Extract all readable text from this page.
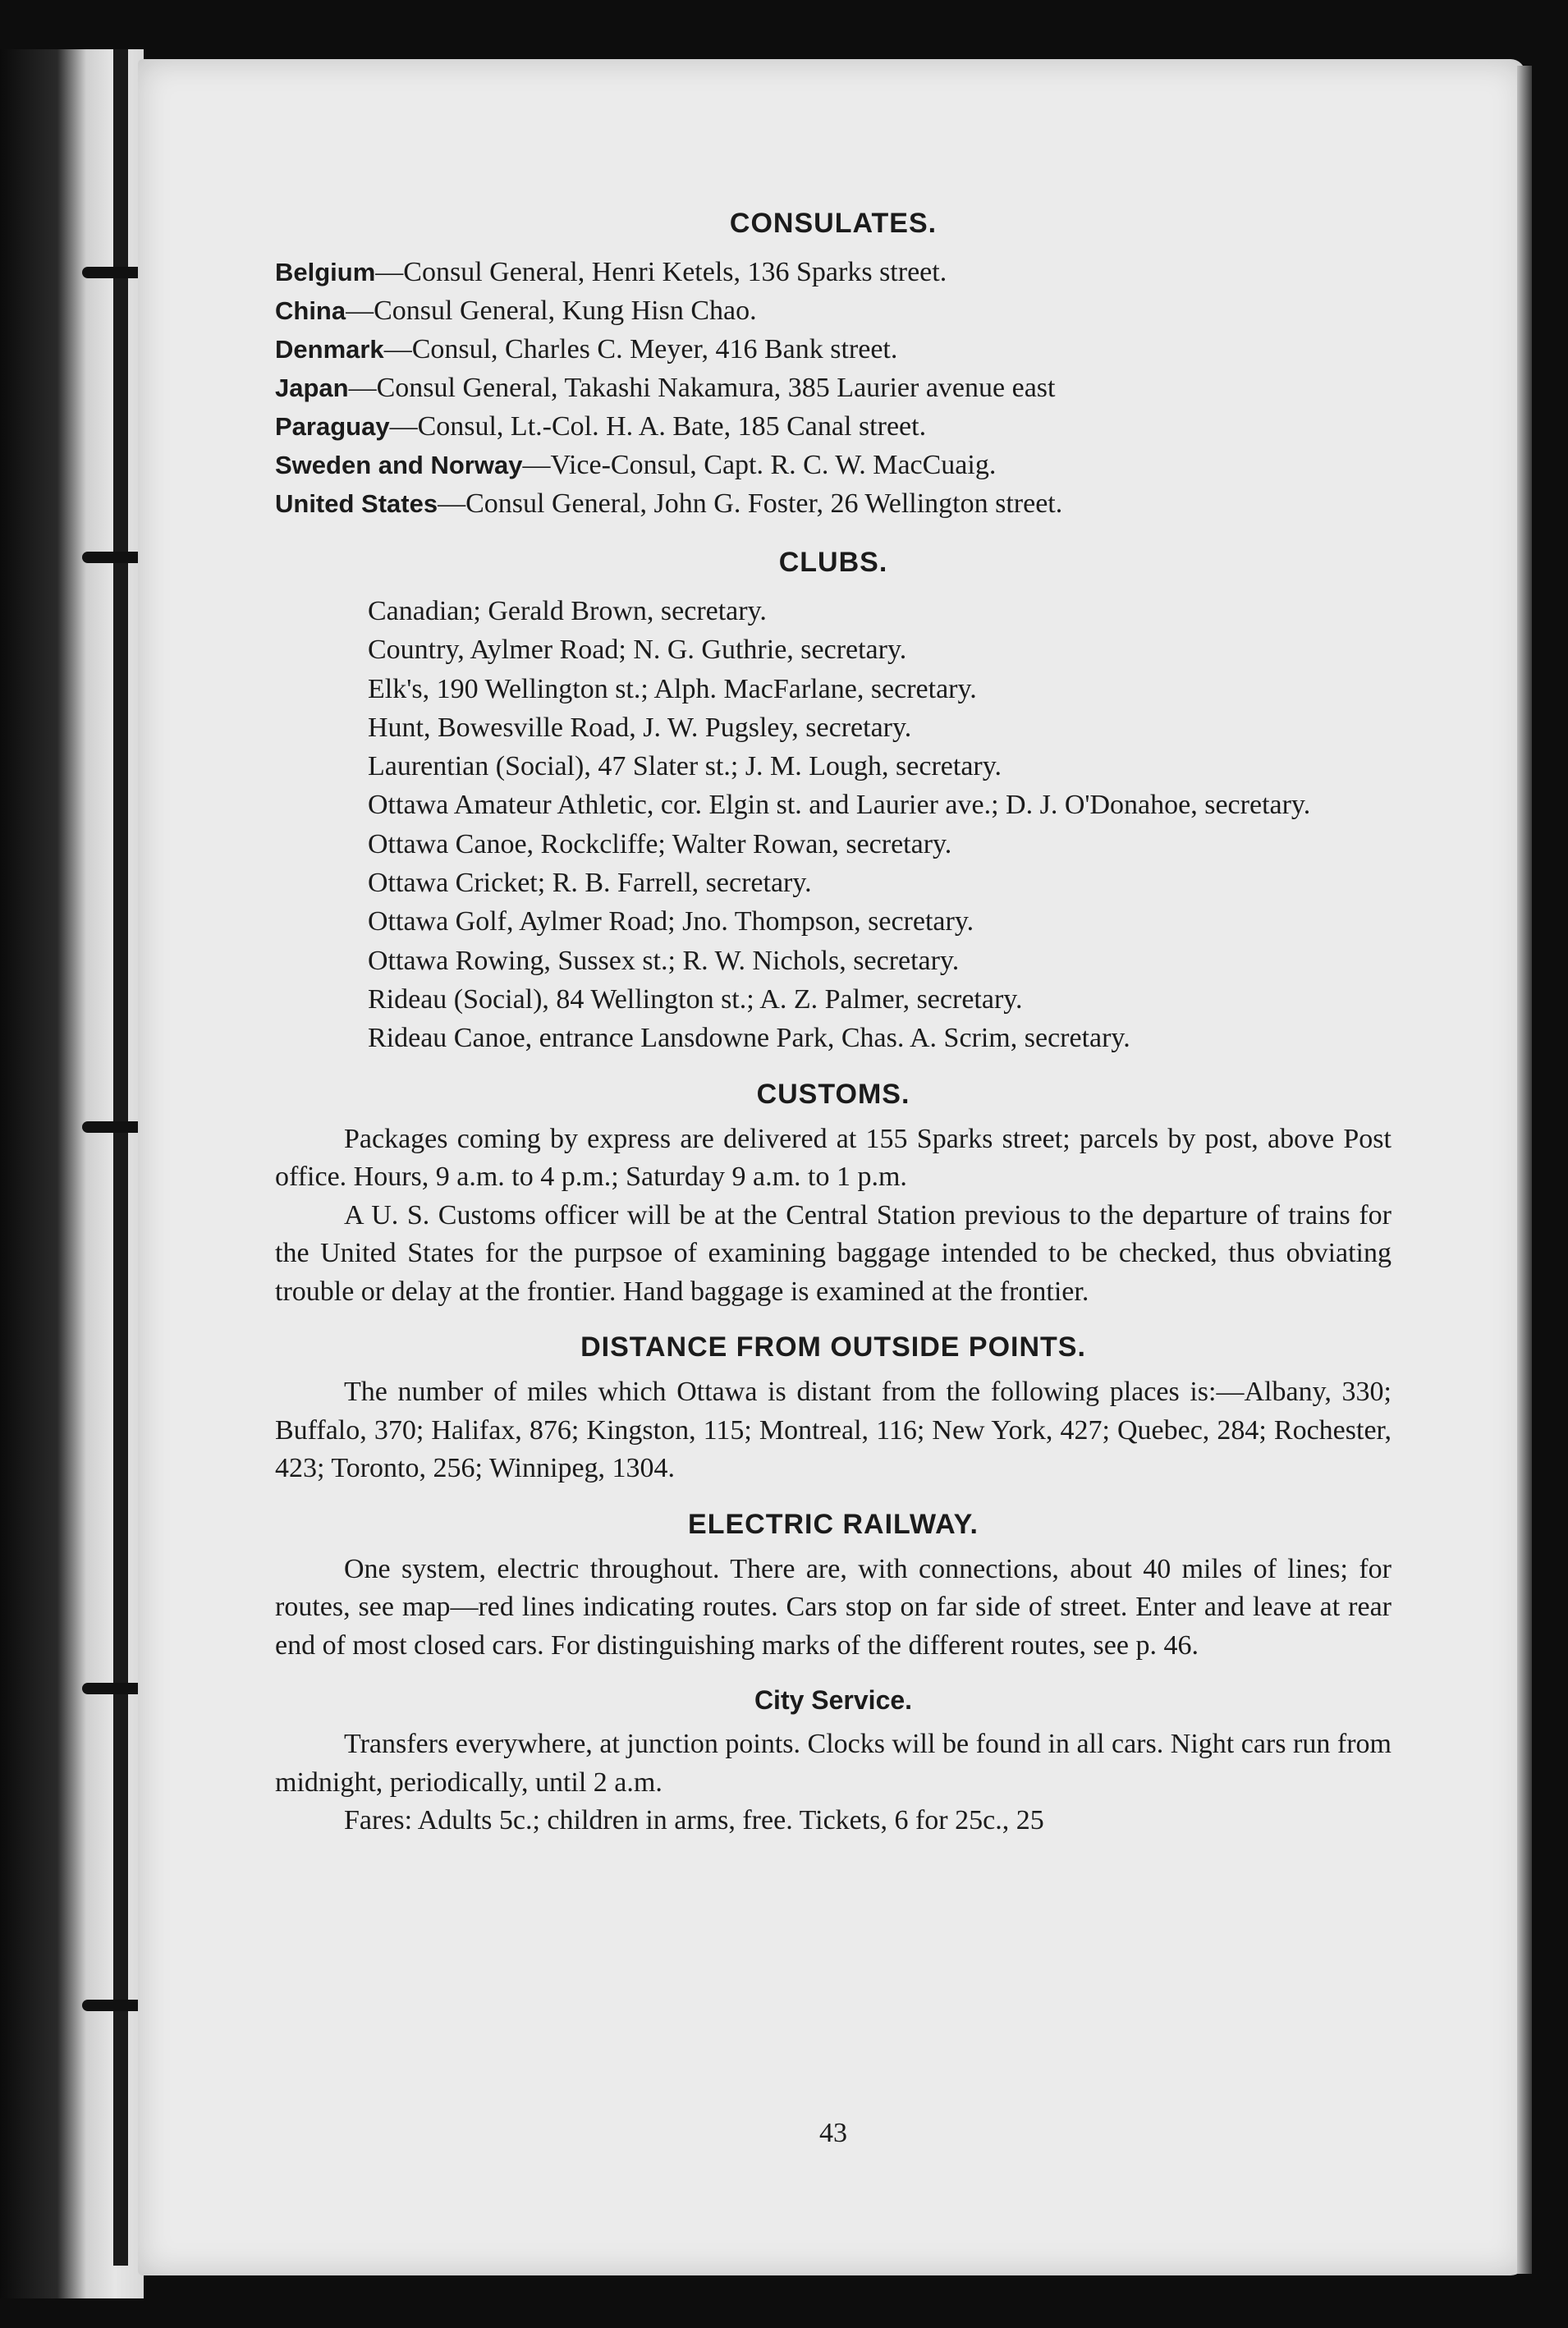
CONSULATES.
Belgium—Consul General, Henri Ketels, 136 Sparks street.
China—Consul General, Kung Hisn Chao.
Denmark—Consul, Charles C. Meyer, 416 Bank street.
Japan—Consul General, Takashi Nakamura, 385 Laurier avenue east
Paraguay—Consul, Lt.-Col. H. A. Bate, 185 Canal street.
Sweden and Norway—Vice-Consul, Capt. R. C. W. MacCuaig.
United States—Consul General, John G. Foster, 26 Wellington street.
CLUBS.
Canadian; Gerald Brown, secretary.
Country, Aylmer Road; N. G. Guthrie, secretary.
Elk's, 190 Wellington st.; Alph. MacFarlane, secretary.
Hunt, Bowesville Road, J. W. Pugsley, secretary.
Laurentian (Social), 47 Slater st.; J. M. Lough, secretary.
Ottawa Amateur Athletic, cor. Elgin st. and Laurier ave.; D. J. O'Donahoe, secretary.
Ottawa Canoe, Rockcliffe; Walter Rowan, secretary.
Ottawa Cricket; R. B. Farrell, secretary.
Ottawa Golf, Aylmer Road; Jno. Thompson, secretary.
Ottawa Rowing, Sussex st.; R. W. Nichols, secretary.
Rideau (Social), 84 Wellington st.; A. Z. Palmer, secretary.
Rideau Canoe, entrance Lansdowne Park, Chas. A. Scrim, secretary.
CUSTOMS.

Packages coming by express are delivered at 155 Sparks street; parcels by post, above Post office. Hours, 9 a.m. to 4 p.m.; Saturday 9 a.m. to 1 p.m.

A U. S. Customs officer will be at the Central Station previous to the departure of trains for the United States for the purpsoe of examining baggage intended to be checked, thus obviating trouble or delay at the frontier. Hand baggage is examined at the frontier.

DISTANCE FROM OUTSIDE POINTS.

The number of miles which Ottawa is distant from the following places is:—Albany, 330; Buffalo, 370; Halifax, 876; Kingston, 115; Montreal, 116; New York, 427; Quebec, 284; Rochester, 423; Toronto, 256; Winnipeg, 1304.

ELECTRIC RAILWAY.

One system, electric throughout. There are, with connections, about 40 miles of lines; for routes, see map—red lines indicating routes. Cars stop on far side of street. Enter and leave at rear end of most closed cars. For distinguishing marks of the different routes, see p. 46.

City Service.

Transfers everywhere, at junction points. Clocks will be found in all cars. Night cars run from midnight, periodically, until 2 a.m.

Fares: Adults 5c.; children in arms, free. Tickets, 6 for 25c., 25

43
